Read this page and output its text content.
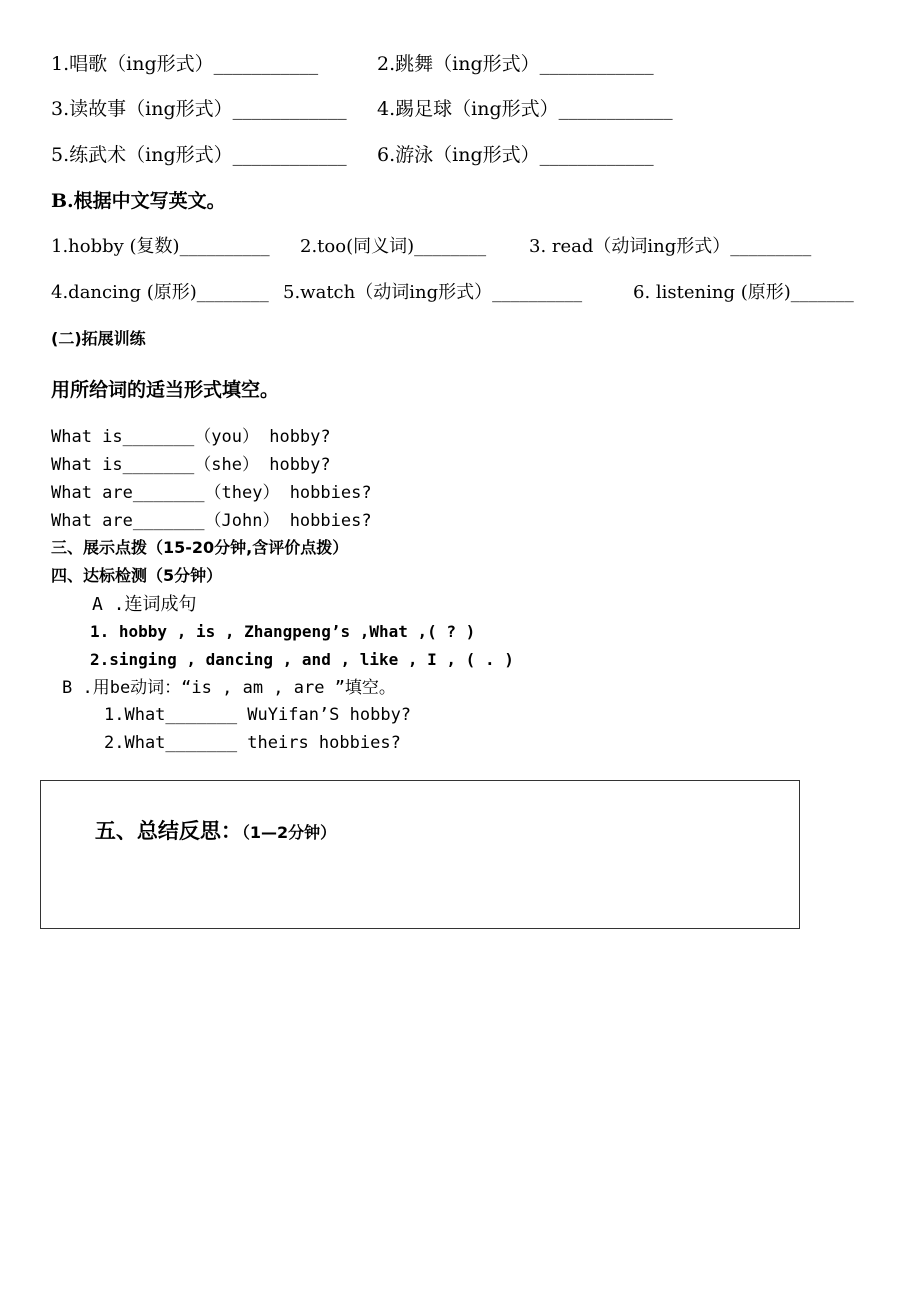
1.唱歌（ing形式）___________	2.跳舞（ing形式）____________
3.读故事（ing形式）____________ 4.踢足球（ing形式）____________
5.练武术（ing形式）____________ 6.游泳（ing形式）____________
B.根据中文写英文。
1.hobby (复数)__________ 2.too(同义词)________ 3. read（动词ing形式）_________
4.dancing (原形)________ 5.watch（动词ing形式）__________	6. listening (原形)_______
(二)拓展训练
用所给词的适当形式填空。
What is_______（you） hobby?
What is_______（she） hobby?
What are_______（they） hobbies?
What are_______（John） hobbies?
三、展示点拨（15-20分钟,含评价点拨）
四、达标检测（5分钟）
A .连词成句
1. hobby , is , Zhangpeng’s ,What ,( ? )
2.singing , dancing , and , like , I , ( . )
B .用be动词：“is , am , are ”填空。
1.What_______ WuYifan’S hobby?
2.What_______ theirs hobbies?

五、总结反思：（1—2分钟）
